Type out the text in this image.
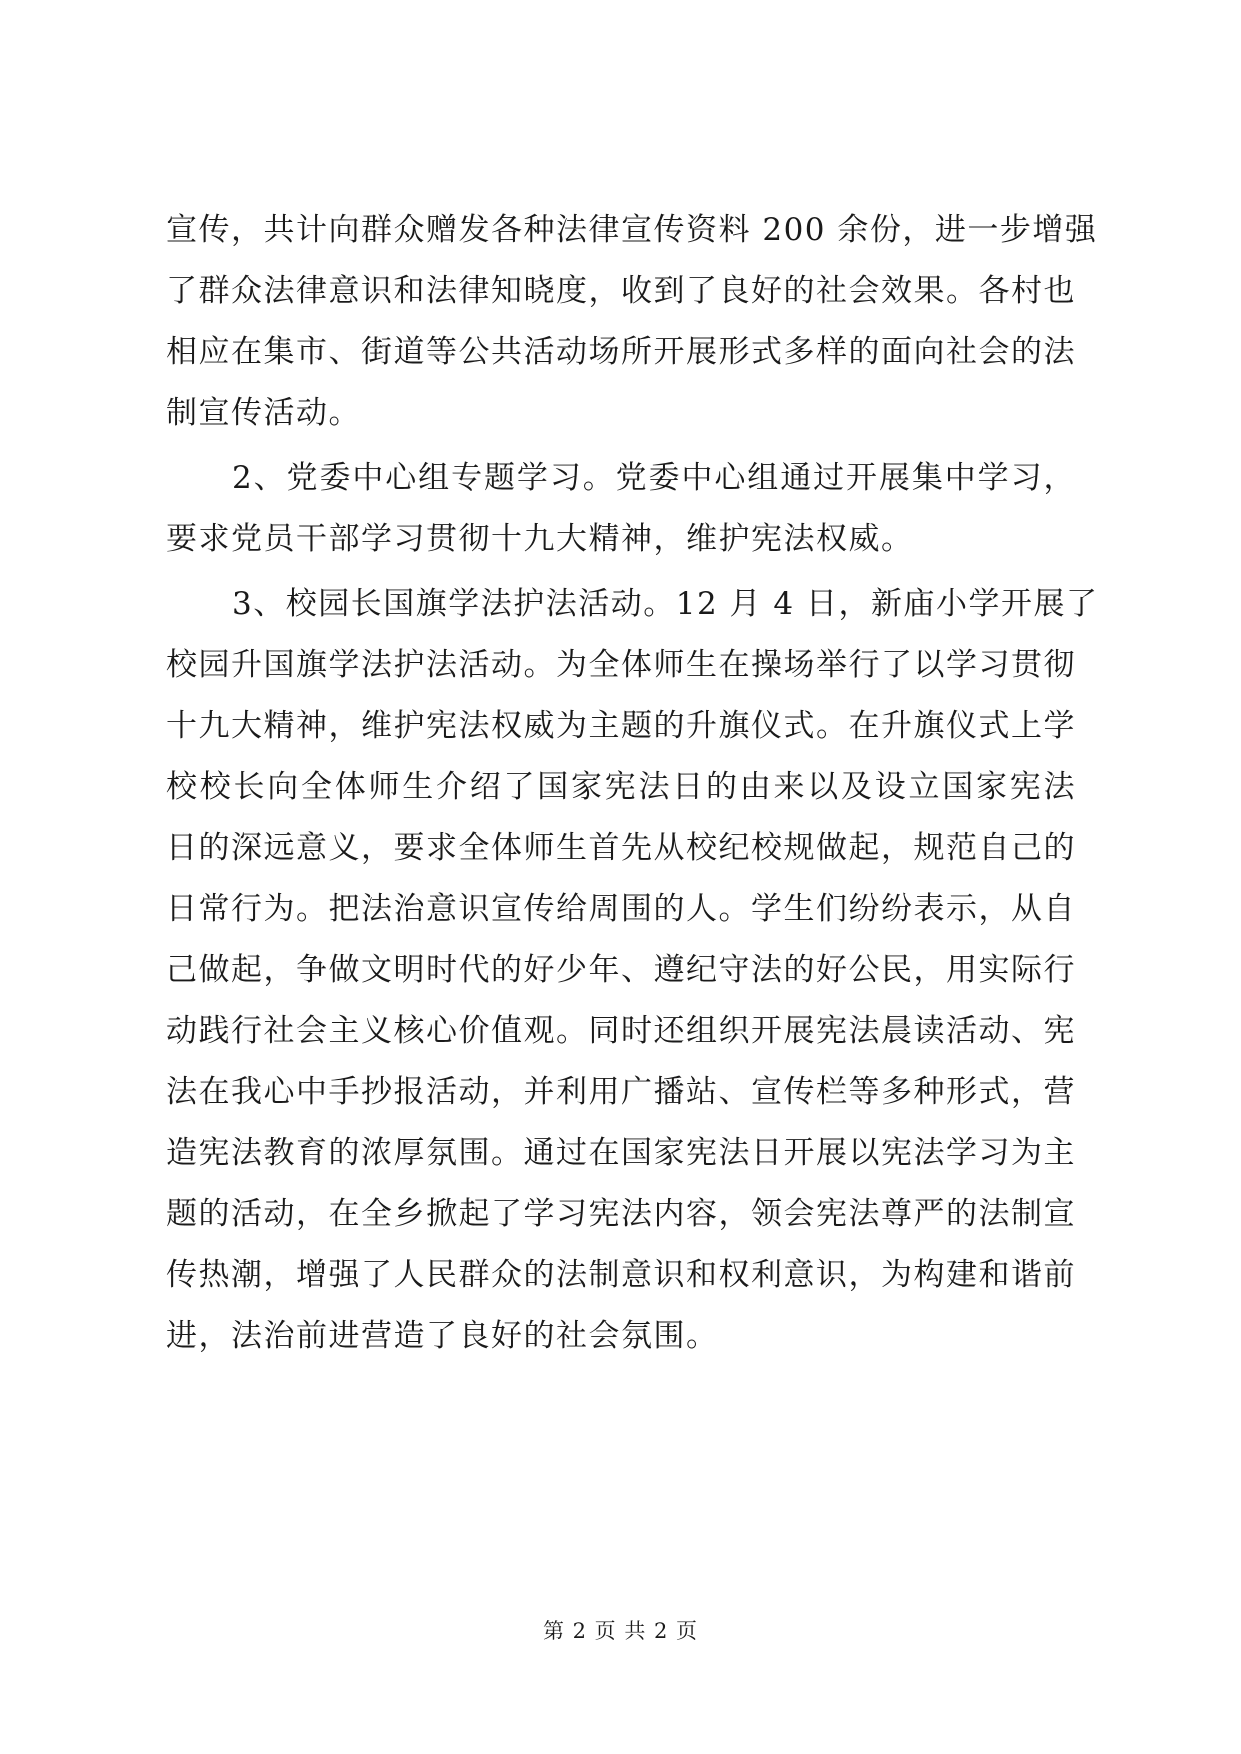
宣传，共计向群众赠发各种法律宣传资料 200 余份，进一步增强
了群众法律意识和法律知晓度，收到了良好的社会效果。各村也
相应在集市、街道等公共活动场所开展形式多样的面向社会的法
制宣传活动。
2、党委中心组专题学习。党委中心组通过开展集中学习，
要求党员干部学习贯彻十九大精神，维护宪法权威。
3、校园长国旗学法护法活动。12 月 4 日，新庙小学开展了
校园升国旗学法护法活动。为全体师生在操场举行了以学习贯彻
十九大精神，维护宪法权威为主题的升旗仪式。在升旗仪式上学
校校长向全体师生介绍了国家宪法日的由来以及设立国家宪法
日的深远意义，要求全体师生首先从校纪校规做起，规范自己的
日常行为。把法治意识宣传给周围的人。学生们纷纷表示，从自
己做起，争做文明时代的好少年、遵纪守法的好公民，用实际行
动践行社会主义核心价值观。同时还组织开展宪法晨读活动、宪
法在我心中手抄报活动，并利用广播站、宣传栏等多种形式，营
造宪法教育的浓厚氛围。通过在国家宪法日开展以宪法学习为主
题的活动，在全乡掀起了学习宪法内容，领会宪法尊严的法制宣
传热潮，增强了人民群众的法制意识和权利意识，为构建和谐前
进，法治前进营造了良好的社会氛围。
第 2 页 共 2 页
